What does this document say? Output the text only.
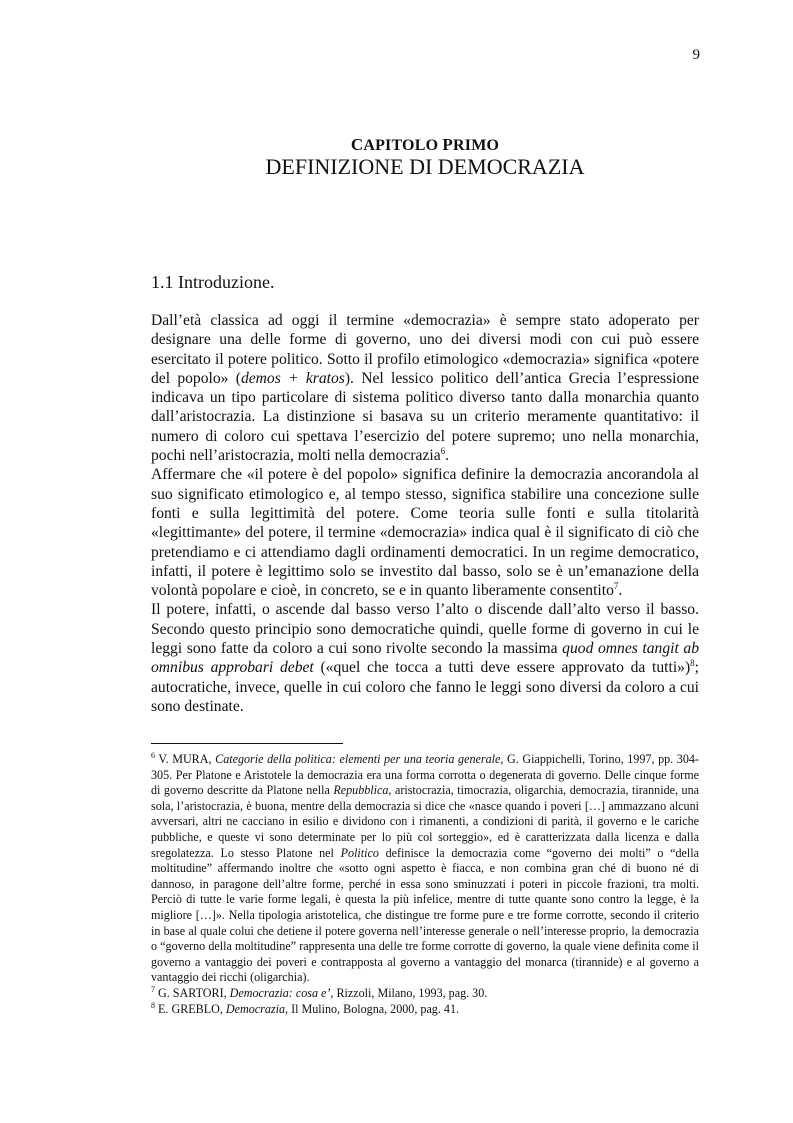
9
CAPITOLO PRIMO
DEFINIZIONE DI DEMOCRAZIA
1.1 Introduzione.

Dall’età classica ad oggi il termine «democrazia» è sempre stato adoperato per designare una delle forme di governo, uno dei diversi modi con cui può essere esercitato il potere politico. Sotto il profilo etimologico «democrazia» significa «potere del popolo» (demos + kratos). Nel lessico politico dell’antica Grecia l’espressione indicava un tipo particolare di sistema politico diverso tanto dalla monarchia quanto dall’aristocrazia. La distinzione si basava su un criterio meramente quantitativo: il numero di coloro cui spettava l’esercizio del potere supremo; uno nella monarchia, pochi nell’aristocrazia, molti nella democrazia$^6$.

Affermare che «il potere è del popolo» significa definire la democrazia ancorandola al suo significato etimologico e, al tempo stesso, significa stabilire una concezione sulle fonti e sulla legittimità del potere. Come teoria sulle fonti e sulla titolarità «legittimante» del potere, il termine «democrazia» indica qual è il significato di ciò che pretendiamo e ci attendiamo dagli ordinamenti democratici. In un regime democratico, infatti, il potere è legittimo solo se investito dal basso, solo se è un’emanazione della volontà popolare e cioè, in concreto, se e in quanto liberamente consentito$^7$.

Il potere, infatti, o ascende dal basso verso l’alto o discende dall’alto verso il basso. Secondo questo principio sono democratiche quindi, quelle forme di governo in cui le leggi sono fatte da coloro a cui sono rivolte secondo la massima quod omnes tangit ab omnibus approbari debet («quel che tocca a tutti deve essere approvato da tutti»)$^8$; autocratiche, invece, quelle in cui coloro che fanno le leggi sono diversi da coloro a cui sono destinate.

$^6$ V. MURA, Categorie della politica: elementi per una teoria generale, G. Giappichelli, Torino, 1997, pp. 304-305. Per Platone e Aristotele la democrazia era una forma corrotta o degenerata di governo. Delle cinque forme di governo descritte da Platone nella Repubblica, aristocrazia, timocrazia, oligarchia, democrazia, tirannide, una sola, l’aristocrazia, è buona, mentre della democrazia si dice che «nasce quando i poveri […] ammazzano alcuni avversari, altri ne cacciano in esilio e dividono con i rimanenti, a condizioni di parità, il governo e le cariche pubbliche, e queste vi sono determinate per lo più col sorteggio», ed è caratterizzata dalla licenza e dalla sregolatezza. Lo stesso Platone nel Politico definisce la democrazia come “governo dei molti” o “della moltitudine” affermando inoltre che «sotto ogni aspetto è fiacca, e non combina gran ché di buono né di dannoso, in paragone dell’altre forme, perché in essa sono sminuzzati i poteri in piccole frazioni, tra molti. Perciò di tutte le varie forme legali, è questa la più infelice, mentre di tutte quante sono contro la legge, è la migliore […]». Nella tipologia aristotelica, che distingue tre forme pure e tre forme corrotte, secondo il criterio in base al quale colui che detiene il potere governa nell’interesse generale o nell’interesse proprio, la democrazia o “governo della moltitudine” rappresenta una delle tre forme corrotte di governo, la quale viene definita come il governo a vantaggio dei poveri e contrapposta al governo a vantaggio del monarca (tirannide) e al governo a vantaggio dei ricchi (oligarchia).

$^7$ G. SARTORI, Democrazia: cosa e’, Rizzoli, Milano, 1993, pag. 30.

$^8$ E. GREBLO, Democrazia, Il Mulino, Bologna, 2000, pag. 41.
